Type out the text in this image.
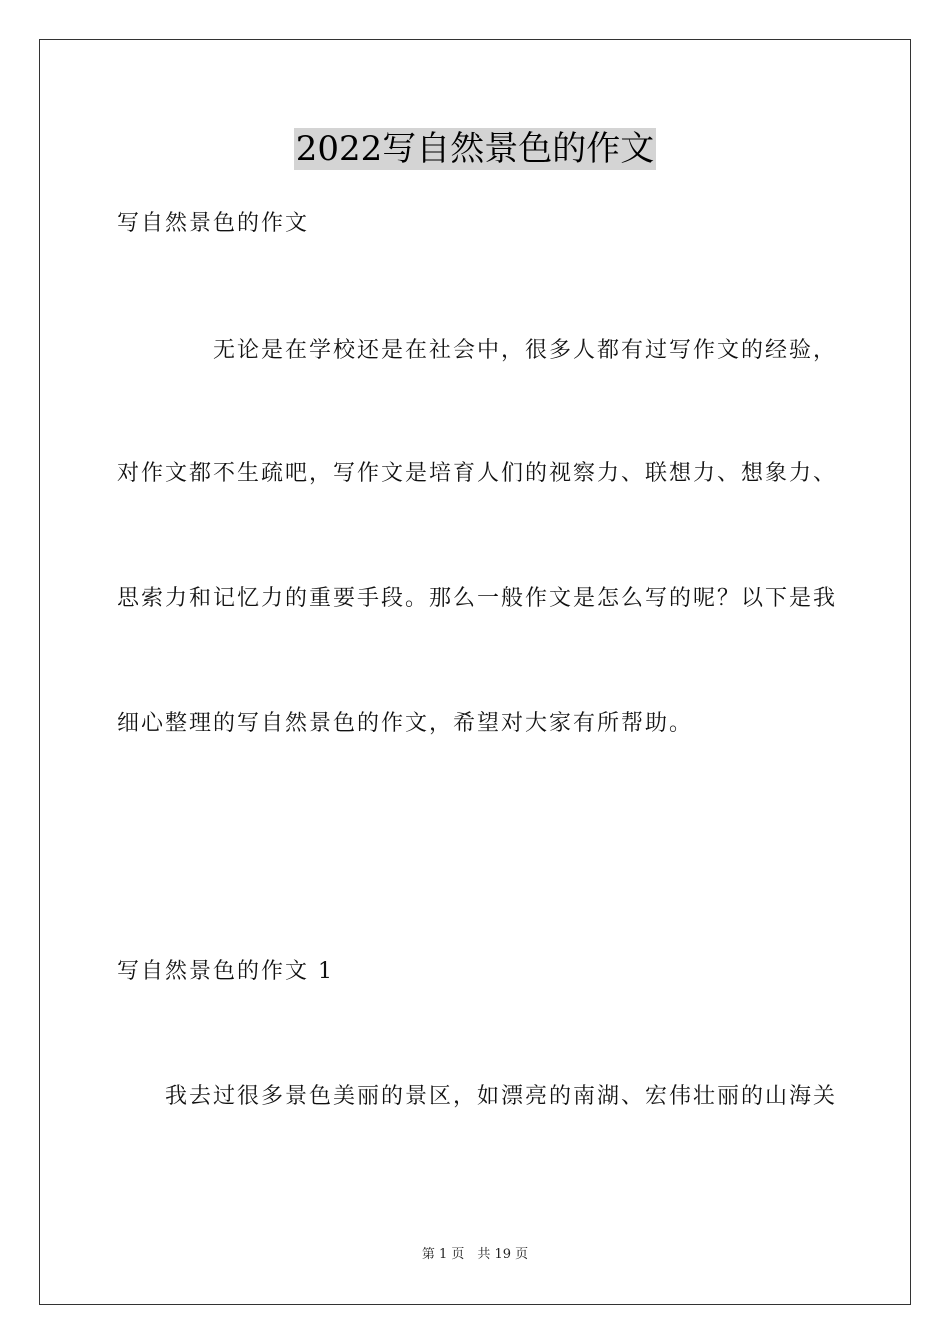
2022写自然景色的作文
写自然景色的作文
无论是在学校还是在社会中，很多人都有过写作文的经验，
对作文都不生疏吧，写作文是培育人们的视察力、联想力、想象力、
思索力和记忆力的重要手段。那么一般作文是怎么写的呢？以下是我
细心整理的写自然景色的作文，希望对大家有所帮助。
写自然景色的作文 1
我去过很多景色美丽的景区，如漂亮的南湖、宏伟壮丽的山海关
第 1 页　共 19 页
